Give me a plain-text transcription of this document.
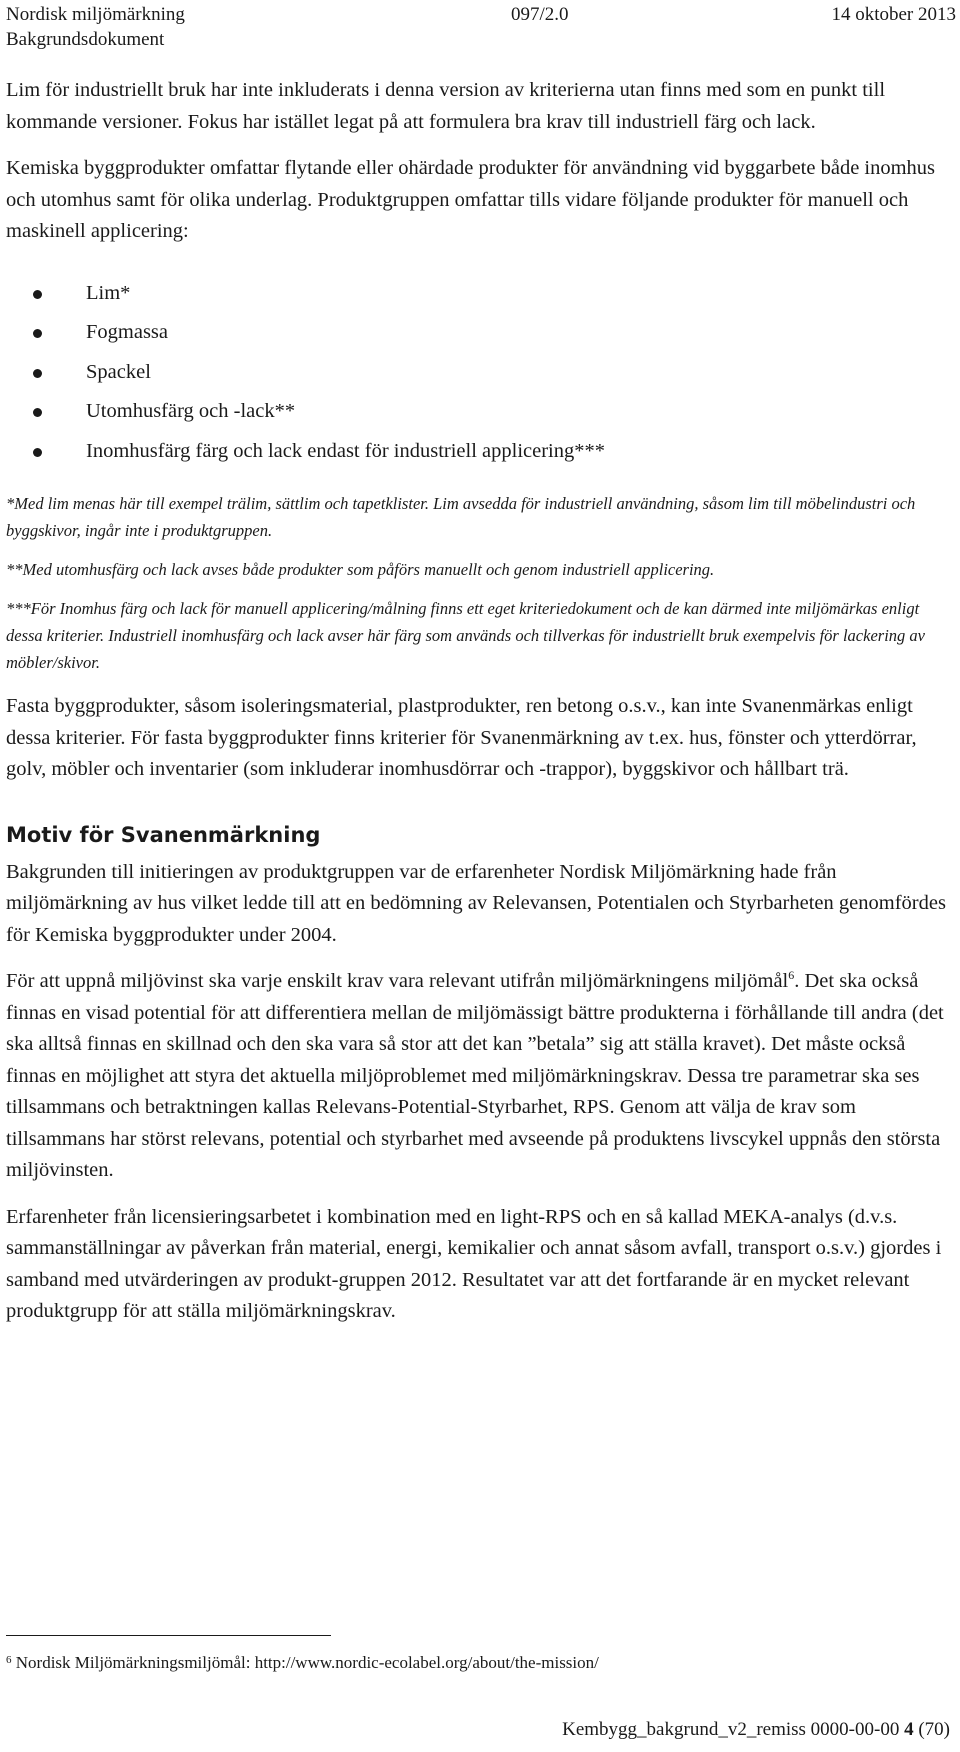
Nordisk miljömärkning	097/2.0	14 oktober 2013
Bakgrundsdokument

Lim för industriellt bruk har inte inkluderats i denna version av kriterierna utan finns med som en punkt till kommande versioner. Fokus har istället legat på att formulera bra krav till industriell färg och lack.

Kemiska byggprodukter omfattar flytande eller ohärdade produkter för användning vid byggarbete både inomhus och utomhus samt för olika underlag. Produktgruppen omfattar tills vidare följande produkter för manuell och maskinell applicering:

Lim*
Fogmassa
Spackel
Utomhusfärg och -lack**
Inomhusfärg färg och lack endast för industriell applicering***

*Med lim menas här till exempel trälim, sättlim och tapetklister. Lim avsedda för industriell användning, såsom lim till möbelindustri och byggskivor, ingår inte i produktgruppen.

**Med utomhusfärg och lack avses både produkter som påförs manuellt och genom industriell applicering.

***För Inomhus färg och lack för manuell applicering/målning finns ett eget kriteriedokument och de kan därmed inte miljömärkas enligt dessa kriterier. Industriell inomhusfärg och lack avser här färg som används och tillverkas för industriellt bruk exempelvis för lackering av möbler/skivor.

Fasta byggprodukter, såsom isoleringsmaterial, plastprodukter, ren betong o.s.v., kan inte Svanenmärkas enligt dessa kriterier. För fasta byggprodukter finns kriterier för Svanenmärkning av t.ex. hus, fönster och ytterdörrar, golv, möbler och inventarier (som inkluderar inomhusdörrar och -trappor), byggskivor och hållbart trä.

Motiv för Svanenmärkning

Bakgrunden till initieringen av produktgruppen var de erfarenheter Nordisk Miljömärkning hade från miljömärkning av hus vilket ledde till att en bedömning av Relevansen, Potentialen och Styrbarheten genomfördes för Kemiska byggprodukter under 2004.

För att uppnå miljövinst ska varje enskilt krav vara relevant utifrån miljömärkningens miljömål$^6$. Det ska också finnas en visad potential för att differentiera mellan de miljömässigt bättre produkterna i förhållande till andra (det ska alltså finnas en skillnad och den ska vara så stor att det kan ”betala” sig att ställa kravet). Det måste också finnas en möjlighet att styra det aktuella miljöproblemet med miljömärkningskrav. Dessa tre parametrar ska ses tillsammans och betraktningen kallas Relevans-Potential-Styrbarhet, RPS. Genom att välja de krav som tillsammans har störst relevans, potential och styrbarhet med avseende på produktens livscykel uppnås den största miljövinsten.

Erfarenheter från licensieringsarbetet i kombination med en light-RPS och en så kallad MEKA-analys (d.v.s. sammanställningar av påverkan från material, energi, kemikalier och annat såsom avfall, transport o.s.v.) gjordes i samband med utvärderingen av produkt-gruppen 2012. Resultatet var att det fortfarande är en mycket relevant produktgrupp för att ställa miljömärkningskrav.

$^6$ Nordisk Miljömärkningsmiljömål: http://www.nordic-ecolabel.org/about/the-mission/
Kembygg_bakgrund_v2_remiss 0000-00-00 4 (70)
